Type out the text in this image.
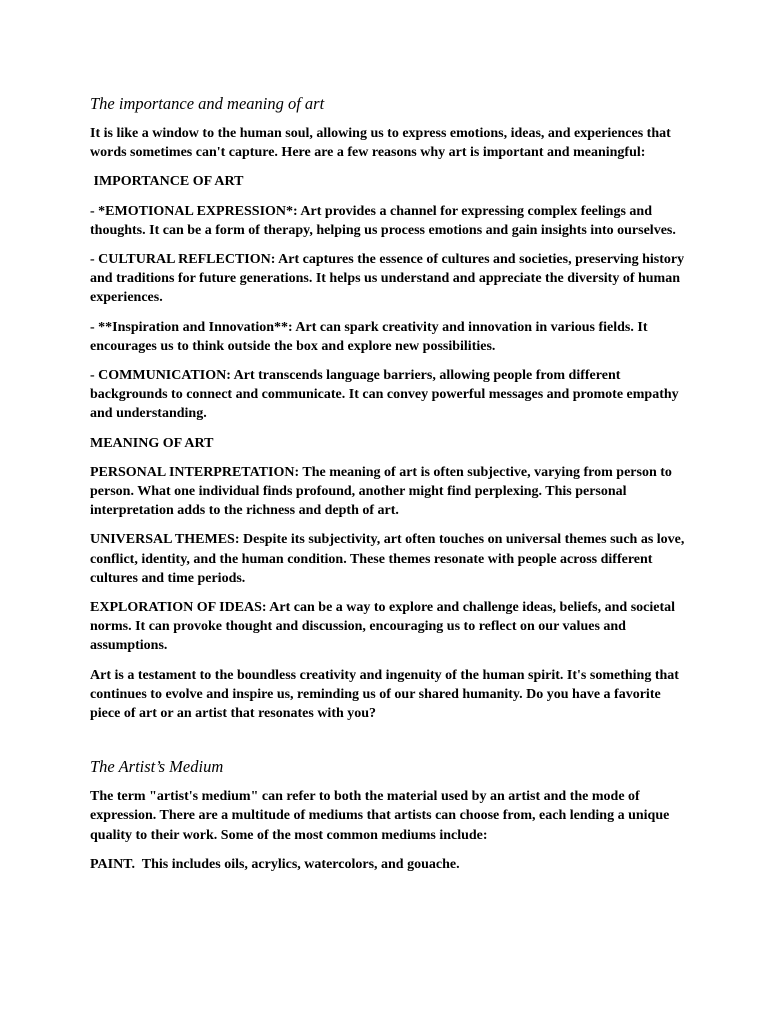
The importance and meaning of art

It is like a window to the human soul, allowing us to express emotions, ideas, and experiences that words sometimes can't capture. Here are a few reasons why art is important and meaningful:

IMPORTANCE OF ART

- *EMOTIONAL EXPRESSION*: Art provides a channel for expressing complex feelings and thoughts. It can be a form of therapy, helping us process emotions and gain insights into ourselves.

- CULTURAL REFLECTION: Art captures the essence of cultures and societies, preserving history and traditions for future generations. It helps us understand and appreciate the diversity of human experiences.

- **Inspiration and Innovation**: Art can spark creativity and innovation in various fields. It encourages us to think outside the box and explore new possibilities.

- COMMUNICATION: Art transcends language barriers, allowing people from different backgrounds to connect and communicate. It can convey powerful messages and promote empathy and understanding.

MEANING OF ART

PERSONAL INTERPRETATION: The meaning of art is often subjective, varying from person to person. What one individual finds profound, another might find perplexing. This personal interpretation adds to the richness and depth of art.

UNIVERSAL THEMES: Despite its subjectivity, art often touches on universal themes such as love, conflict, identity, and the human condition. These themes resonate with people across different cultures and time periods.

EXPLORATION OF IDEAS: Art can be a way to explore and challenge ideas, beliefs, and societal norms. It can provoke thought and discussion, encouraging us to reflect on our values and assumptions.

Art is a testament to the boundless creativity and ingenuity of the human spirit. It's something that continues to evolve and inspire us, reminding us of our shared humanity. Do you have a favorite piece of art or an artist that resonates with you?

The Artist’s Medium

The term "artist's medium" can refer to both the material used by an artist and the mode of expression. There are a multitude of mediums that artists can choose from, each lending a unique quality to their work. Some of the most common mediums include:

PAINT.  This includes oils, acrylics, watercolors, and gouache.
